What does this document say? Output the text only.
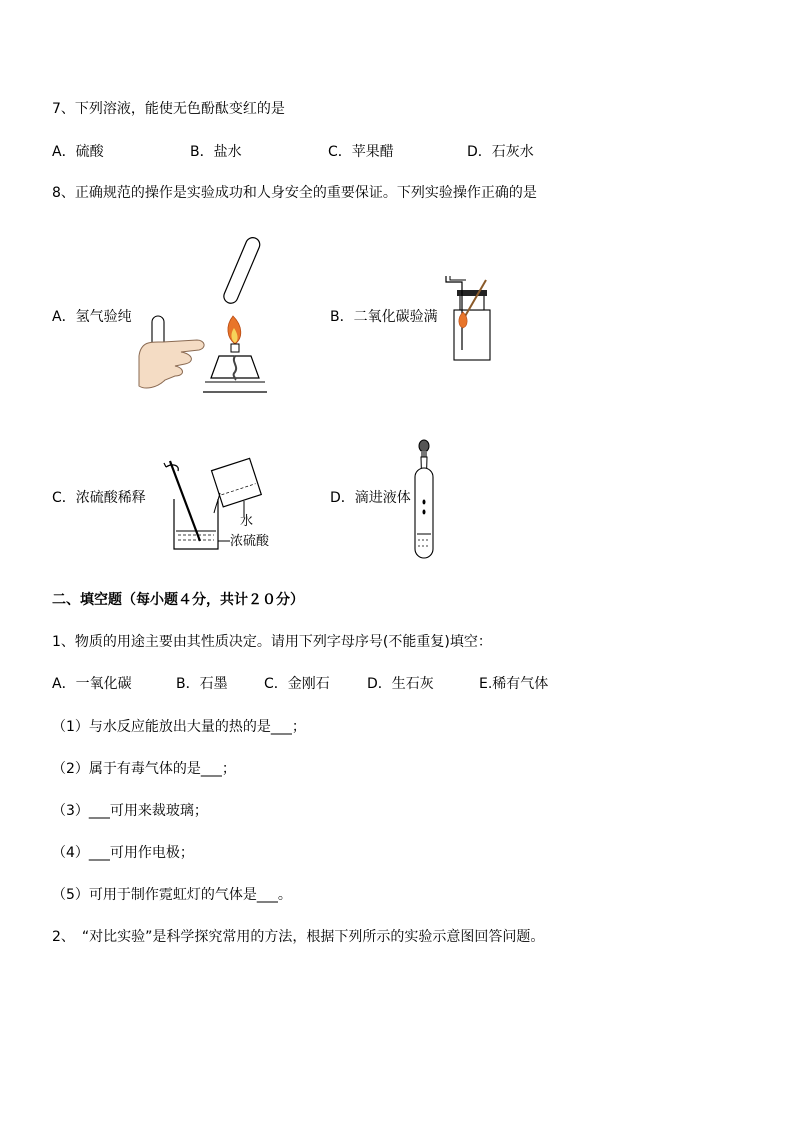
7、下列溶液，能使无色酚酞变红的是
A．硫酸	B．盐水	C．苹果醋	D．石灰水
8、正确规范的操作是实验成功和人身安全的重要保证。下列实验操作正确的是
A．氢气验纯	B．二氧化碳验满
C．浓硫酸稀释
水
浓硫酸
D．滴进液体
二、填空题（每小题４分，共计２０分）
1、物质的用途主要由其性质决定。请用下列字母序号(不能重复)填空：
A．一氧化碳	B．石墨	C．金刚石	D．生石灰	E.稀有气体
（1）与水反应能放出大量的热的是___；
（2）属于有毒气体的是___；
（3）___可用来裁玻璃；
（4）___可用作电极；
（5）可用于制作霓虹灯的气体是___。
2、　“对比实验”是科学探究常用的方法，根据下列所示的实验示意图回答问题。
